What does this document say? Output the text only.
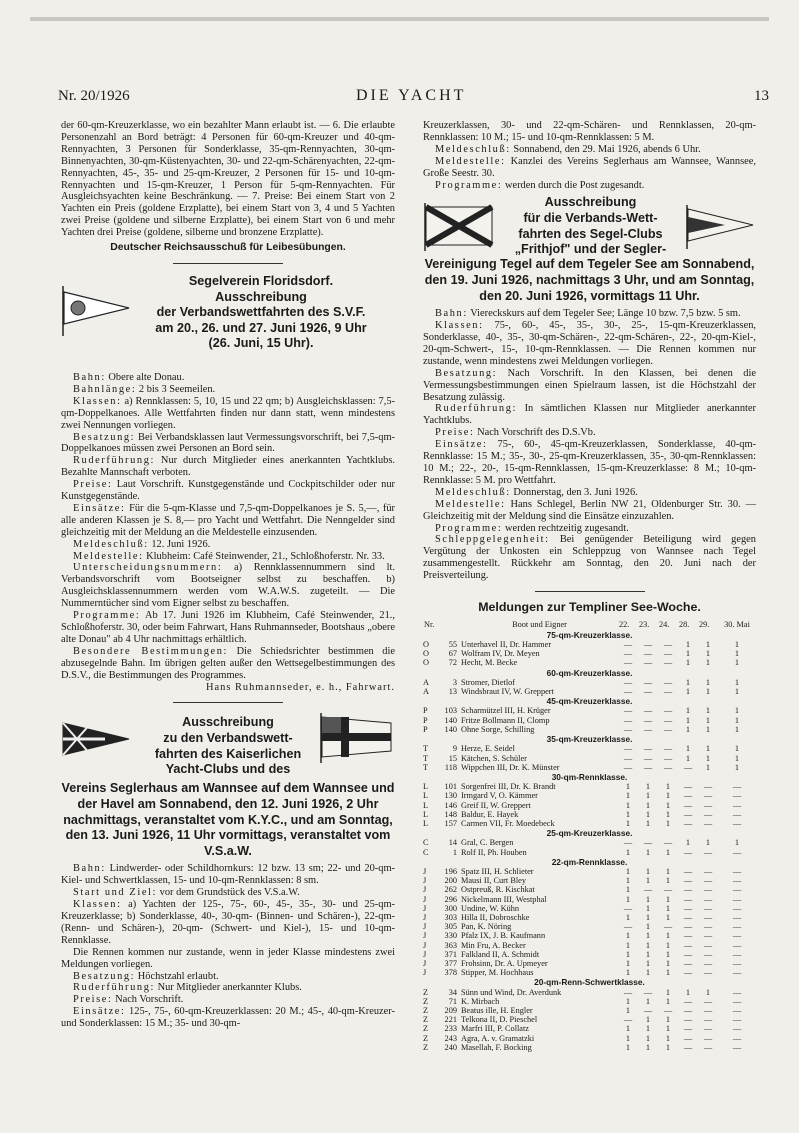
Nr. 20/1926	DIE YACHT	13

der 60-qm-Kreuzerklasse, wo ein bezahlter Mann erlaubt ist. — 6. Die erlaubte Personenzahl an Bord beträgt: 4 Personen für 60-qm-Kreuzer und 40-qm-Rennyachten, 3 Personen für Sonderklasse, 35-qm-Rennyachten, 30-qm-Binnenyachten, 30-qm-Küstenyachten, 30- und 22-qm-Schärenyachten, 22-qm-Rennyachten, 45-, 35- und 25-qm-Kreuzer, 2 Personen für 15- und 10-qm-Rennyachten und 15-qm-Kreuzer, 1 Person für 5-qm-Rennyachten. Für Ausgleichsyachten keine Beschränkung. — 7. Preise: Bei einem Start von 2 Yachten ein Preis (goldene Erzplatte), bei einem Start von 3, 4 und 5 Yachten zwei Preise (goldene und silberne Erzplatte), bei einem Start von 6 und mehr Yachten drei Preise (goldene, silberne und bronzene Erzplatte).

Deutscher Reichsausschuß für Leibesübungen.

Segelverein Floridsdorf.
Ausschreibung
der Verbandswettfahrten des S.V.F.
am 20., 26. und 27. Juni 1926, 9 Uhr
(26. Juni, 15 Uhr).

Bahn: Obere alte Donau.

Bahnlänge: 2 bis 3 Seemeilen.

Klassen: a) Rennklassen: 5, 10, 15 und 22 qm; b) Ausgleichsklassen: 7,5-qm-Doppelkanoes. Alle Wettfahrten finden nur dann statt, wenn mindestens zwei Nennungen vorliegen.

Besatzung: Bei Verbandsklassen laut Vermessungsvorschrift, bei 7,5-qm-Doppelkanoes müssen zwei Personen an Bord sein.

Ruderführung: Nur durch Mitglieder eines anerkannten Yachtklubs. Bezahlte Mannschaft verboten.

Preise: Laut Vorschrift. Kunstgegenstände und Cockpitschilder oder nur Kunstgegenstände.

Einsätze: Für die 5-qm-Klasse und 7,5-qm-Doppelkanoes je S. 5,—, für alle anderen Klassen je S. 8,— pro Yacht und Wettfahrt. Die Nenngelder sind gleichzeitig mit der Meldung an die Meldestelle einzusenden.

Meldeschluß: 12. Juni 1926.

Meldestelle: Klubheim: Café Steinwender, 21., Schloßhoferstr. Nr. 33.

Unterscheidungsnummern: a) Rennklassennummern sind lt. Verbandsvorschrift vom Bootseigner selbst zu beschaffen. b) Ausgleichsklassennummern werden vom W.A.W.S. zugeteilt. — Die Nummerntücher sind vom Eigner selbst zu beschaffen.

Programme: Ab 17. Juni 1926 im Klubheim, Café Steinwender, 21., Schloßhoferstr. 30, oder beim Fahrwart, Hans Ruhmannseder, Bootshaus „obere alte Donau" ab 4 Uhr nachmittags erhältlich.

Besondere Bestimmungen: Die Schiedsrichter bestimmen die abzusegelnde Bahn. Im übrigen gelten außer den Wettsegelbestimmungen des D.S.V., die Bestimmungen des Programmes.

Hans Ruhmannseder, e. h., Fahrwart.

Ausschreibung
zu den Verbandswett-
fahrten des Kaiserlichen
Yacht-Clubs und des
Vereins Seglerhaus am Wannsee auf dem Wannsee und der Havel am Sonnabend, den 12. Juni 1926, 2 Uhr nachmittags, veranstaltet vom K.Y.C., und am Sonntag, den 13. Juni 1926, 11 Uhr vormittags, veranstaltet vom V.S.a.W.

Bahn: Lindwerder- oder Schildhornkurs: 12 bzw. 13 sm; 22- und 20-qm-Kiel- und Schwertklassen, 15- und 10-qm-Rennklassen: 8 sm.

Start und Ziel: vor dem Grundstück des V.S.a.W.

Klassen: a) Yachten der 125-, 75-, 60-, 45-, 35-, 30- und 25-qm-Kreuzerklasse; b) Sonderklasse, 40-, 30-qm- (Binnen- und Schären-), 22-qm- (Renn- und Schären-), 20-qm- (Schwert- und Kiel-), 15- und 10-qm-Rennklasse.

Die Rennen kommen nur zustande, wenn in jeder Klasse mindestens zwei Meldungen vorliegen.

Besatzung: Höchstzahl erlaubt.

Ruderführung: Nur Mitglieder anerkannter Klubs.

Preise: Nach Vorschrift.

Einsätze: 125-, 75-, 60-qm-Kreuzerklassen: 20 M.; 45-, 40-qm-Kreuzer- und Sonderklassen: 15 M.; 35- und 30-qm-

Kreuzerklassen, 30- und 22-qm-Schären- und Rennklassen, 20-qm-Rennklassen: 10 M.; 15- und 10-qm-Rennklassen: 5 M.

Meldeschluß: Sonnabend, den 29. Mai 1926, abends 6 Uhr.

Meldestelle: Kanzlei des Vereins Seglerhaus am Wannsee, Wannsee, Große Seestr. 30.

Programme: werden durch die Post zugesandt.

Ausschreibung
für die Verbands-Wett-
fahrten des Segel-Clubs
„Frithjof" und der Segler-
Vereinigung Tegel auf dem Tegeler See am Sonnabend, den 19. Juni 1926, nachmittags 3 Uhr, und am Sonntag, den 20. Juni 1926, vormittags 11 Uhr.

Bahn: Viereckskurs auf dem Tegeler See; Länge 10 bzw. 7,5 bzw. 5 sm.

Klassen: 75-, 60-, 45-, 35-, 30-, 25-, 15-qm-Kreuzerklassen, Sonderklasse, 40-, 35-, 30-qm-Schären-, 22-qm-Schären-, 22-, 20-qm-Kiel-, 20-qm-Schwert-, 15-, 10-qm-Rennklassen. — Die Rennen kommen nur zustande, wenn mindestens zwei Meldungen vorliegen.

Besatzung: Nach Vorschrift. In den Klassen, bei denen die Vermessungsbestimmungen einen Spielraum lassen, ist die Höchstzahl der Besatzung zulässig.

Ruderführung: In sämtlichen Klassen nur Mitglieder anerkannter Yachtklubs.

Preise: Nach Vorschrift des D.S.Vb.

Einsätze: 75-, 60-, 45-qm-Kreuzerklassen, Sonderklasse, 40-qm-Rennklasse: 15 M.; 35-, 30-, 25-qm-Kreuzerklassen, 35-, 30-qm-Rennklassen: 10 M.; 22-, 20-, 15-qm-Rennklassen, 15-qm-Kreuzerklasse: 8 M.; 10-qm-Rennklasse: 5 M. pro Wettfahrt.

Meldeschluß: Donnerstag, den 3. Juni 1926.

Meldestelle: Hans Schlegel, Berlin NW 21, Oldenburger Str. 30. — Gleichzeitig mit der Meldung sind die Einsätze einzuzahlen.

Programme: werden rechtzeitig zugesandt.

Schleppgelegenheit: Bei genügender Beteiligung wird gegen Vergütung der Unkosten ein Schleppzug von Wannsee nach Tegel zusammengestellt. Rückkehr am Sonntag, den 20. Juni nach der Preisverteilung.

Meldungen zur Templiner See-Woche.
Nr.		Boot und Eigner	22.	23.	24.	28.	29.	30. Mai
75-qm-Kreuzerklasse.								
O	55	Unterhavel II, Dr. Hammer	—	—	—	1	1	1
O	67	Wolfram IV, Dr. Meyen	—	—	—	1	1	1
O	72	Hecht, M. Becke	—	—	—	1	1	1
60-qm-Kreuzerklasse.								
A	3	Stromer, Dietlof	—	—	—	1	1	1
A	13	Windsbraut IV, W. Greppert	—	—	—	1	1	1
45-qm-Kreuzerklasse.								
P	103	Scharmützel III, H. Krüger	—	—	—	1	1	1
P	140	Fritze Bollmann II, Clomp	—	—	—	1	1	1
P	140	Ohne Sorge, Schilling	—	—	—	1	1	1
35-qm-Kreuzerklasse.								
T	9	Herze, E. Seidel	—	—	—	1	1	1
T	15	Kätchen, S. Schüler	—	—	—	1	1	1
T	118	Wippchen III, Dr. K. Münster	—	—	—	—	1	1
30-qm-Rennklasse.								
L	101	Sorgenfrei III, Dr. K. Brandt	1	1	1	—	—	—
L	130	Irmgard V, O. Kämmer	1	1	1	—	—	—
L	146	Greif II, W. Greppert	1	1	1	—	—	—
L	148	Baldur, E. Hayek	1	1	1	—	—	—
L	157	Carmen VII, Fr. Moedebeck	1	1	1	—	—	—
25-qm-Kreuzerklasse.								
C	14	Gral, C. Bergen	—	—	—	1	1	1
C	1	Rolf II, Ph. Houben	1	1	1	—	—	—
22-qm-Rennklasse.								
J	196	Spatz III, H. Schlieter	1	1	1	—	—	—
J	200	Mausi II, Curt Bley	1	1	1	—	—	—
J	262	Ostpreuß, R. Kischkat	1	—	—	—	—	—
J	296	Nickelmann III, Westphal	1	1	1	—	—	—
J	300	Undine, W. Kühn	—	1	1	—	—	—
J	303	Hilla II, Dobroschke	1	1	1	—	—	—
J	305	Pan, K. Nöring	—	1	—	—	—	—
J	330	Pfalz IX, J. B. Kaufmann	1	1	1	—	—	—
J	363	Min Fru, A. Becker	1	1	1	—	—	—
J	371	Falkland II, A. Schmidt	1	1	1	—	—	—
J	377	Frohsinn, Dr. A. Upmeyer	1	1	1	—	—	—
J	378	Stipper, M. Hochhaus	1	1	1	—	—	—
20-qm-Renn-Schwertklasse.								
Z	34	Sünn und Wind, Dr. Averdunk	—	—	1	1	1	—
Z	71	K. Mirbach	1	1	1	—	—	—
Z	209	Beatus ille, H. Engler	1	—	—	—	—	—
Z	221	Telkona II, D. Pieschel	—	1	1	—	—	—
Z	233	Marfri III, P. Collatz	1	1	1	—	—	—
Z	243	Agra, A. v. Gramatzki	1	1	1	—	—	—
Z	240	Masellah, F. Bocking	1	1	1	—	—	—
